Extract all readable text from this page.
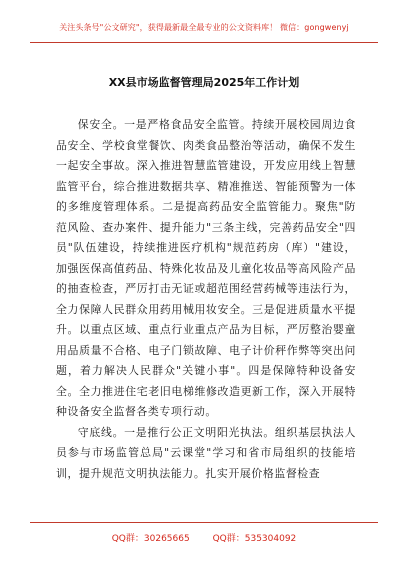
关注头条号"公文研究"，获得最新最全最专业的公文资料库！ 微信：gongwenyj
XX县市场监督管理局2025年工作计划

保安全。一是严格食品安全监管。持续开展校园周边食品安全、学校食堂餐饮、肉类食品整治等活动，确保不发生一起安全事故。深入推进智慧监管建设，开发应用线上智慧监管平台，综合推进数据共享、精准推送、智能预警为一体的多维度管理体系。二是提高药品安全监管能力。聚焦"防范风险、查办案件、提升能力"三条主线，完善药品安全"四员"队伍建设，持续推进医疗机构"规范药房（库）"建设，加强医保高值药品、特殊化妆品及儿童化妆品等高风险产品的抽查检查，严厉打击无证或超范围经营药械等违法行为，全力保障人民群众用药用械用妆安全。三是促进质量水平提升。以重点区域、重点行业重点产品为目标，严厉整治婴童用品质量不合格、电子门锁故障、电子计价秤作弊等突出问题，着力解决人民群众"关键小事"。四是保障特种设备安全。全力推进住宅老旧电梯维修改造更新工作，深入开展特种设备安全监督各类专项行动。

守底线。一是推行公正文明阳光执法。组织基层执法人员参与市场监管总局"云课堂"学习和省市局组织的技能培训，提升规范文明执法能力。扎实开展价格监督检查

QQ群：30265665	QQ群：535304092
